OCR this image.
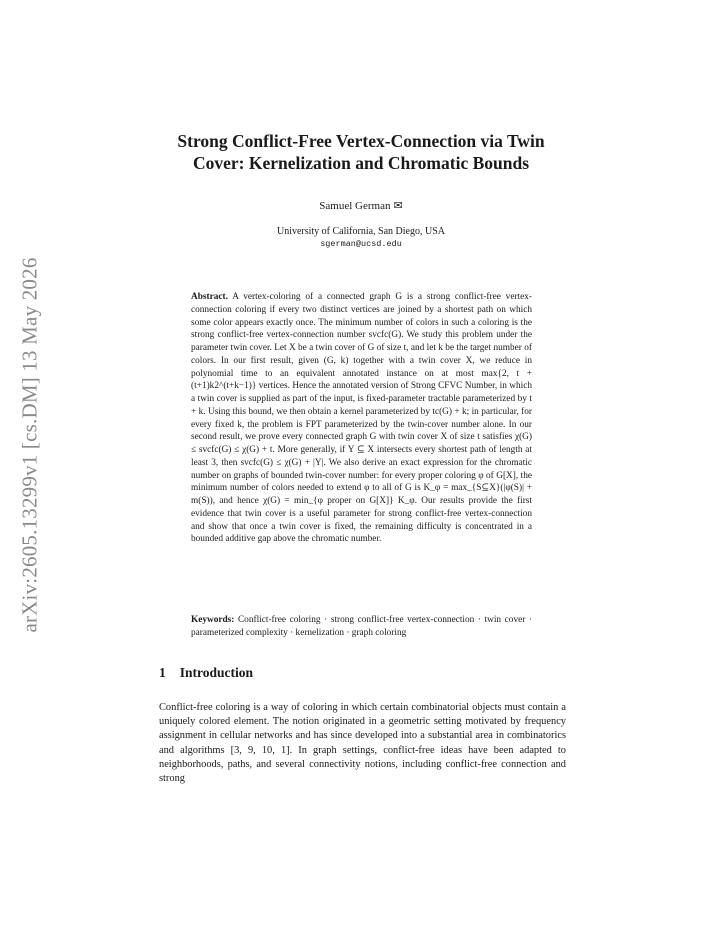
arXiv:2605.13299v1 [cs.DM] 13 May 2026
Strong Conflict-Free Vertex-Connection via Twin
Cover: Kernelization and Chromatic Bounds
Samuel German ✉
University of California, San Diego, USA
sgerman@ucsd.edu

Abstract. A vertex-coloring of a connected graph G is a strong conflict-free vertex-connection coloring if every two distinct vertices are joined by a shortest path on which some color appears exactly once. The minimum number of colors in such a coloring is the strong conflict-free vertex-connection number svcfc(G). We study this problem under the parameter twin cover. Let X be a twin cover of G of size t, and let k be the target number of colors. In our first result, given (G, k) together with a twin cover X, we reduce in polynomial time to an equivalent annotated instance on at most max{2, t + (t+1)k2^(t+k−1)} vertices. Hence the annotated version of Strong CFVC Number, in which a twin cover is supplied as part of the input, is fixed-parameter tractable parameterized by t + k. Using this bound, we then obtain a kernel parameterized by tc(G) + k; in particular, for every fixed k, the problem is FPT parameterized by the twin-cover number alone. In our second result, we prove every connected graph G with twin cover X of size t satisfies χ(G) ≤ svcfc(G) ≤ χ(G) + t. More generally, if Y ⊆ X intersects every shortest path of length at least 3, then svcfc(G) ≤ χ(G) + |Y|. We also derive an exact expression for the chromatic number on graphs of bounded twin-cover number: for every proper coloring φ of G[X], the minimum number of colors needed to extend φ to all of G is K_φ = max_{S⊆X}(|φ(S)| + m(S)), and hence χ(G) = min_{φ proper on G[X]} K_φ. Our results provide the first evidence that twin cover is a useful parameter for strong conflict-free vertex-connection and show that once a twin cover is fixed, the remaining difficulty is concentrated in a bounded additive gap above the chromatic number.

Keywords: Conflict-free coloring · strong conflict-free vertex-connection · twin cover · parameterized complexity · kernelization · graph coloring

1 Introduction

Conflict-free coloring is a way of coloring in which certain combinatorial objects must contain a uniquely colored element. The notion originated in a geometric setting motivated by frequency assignment in cellular networks and has since developed into a substantial area in combinatorics and algorithms [3, 9, 10, 1]. In graph settings, conflict-free ideas have been adapted to neighborhoods, paths, and several connectivity notions, including conflict-free connection and strong
